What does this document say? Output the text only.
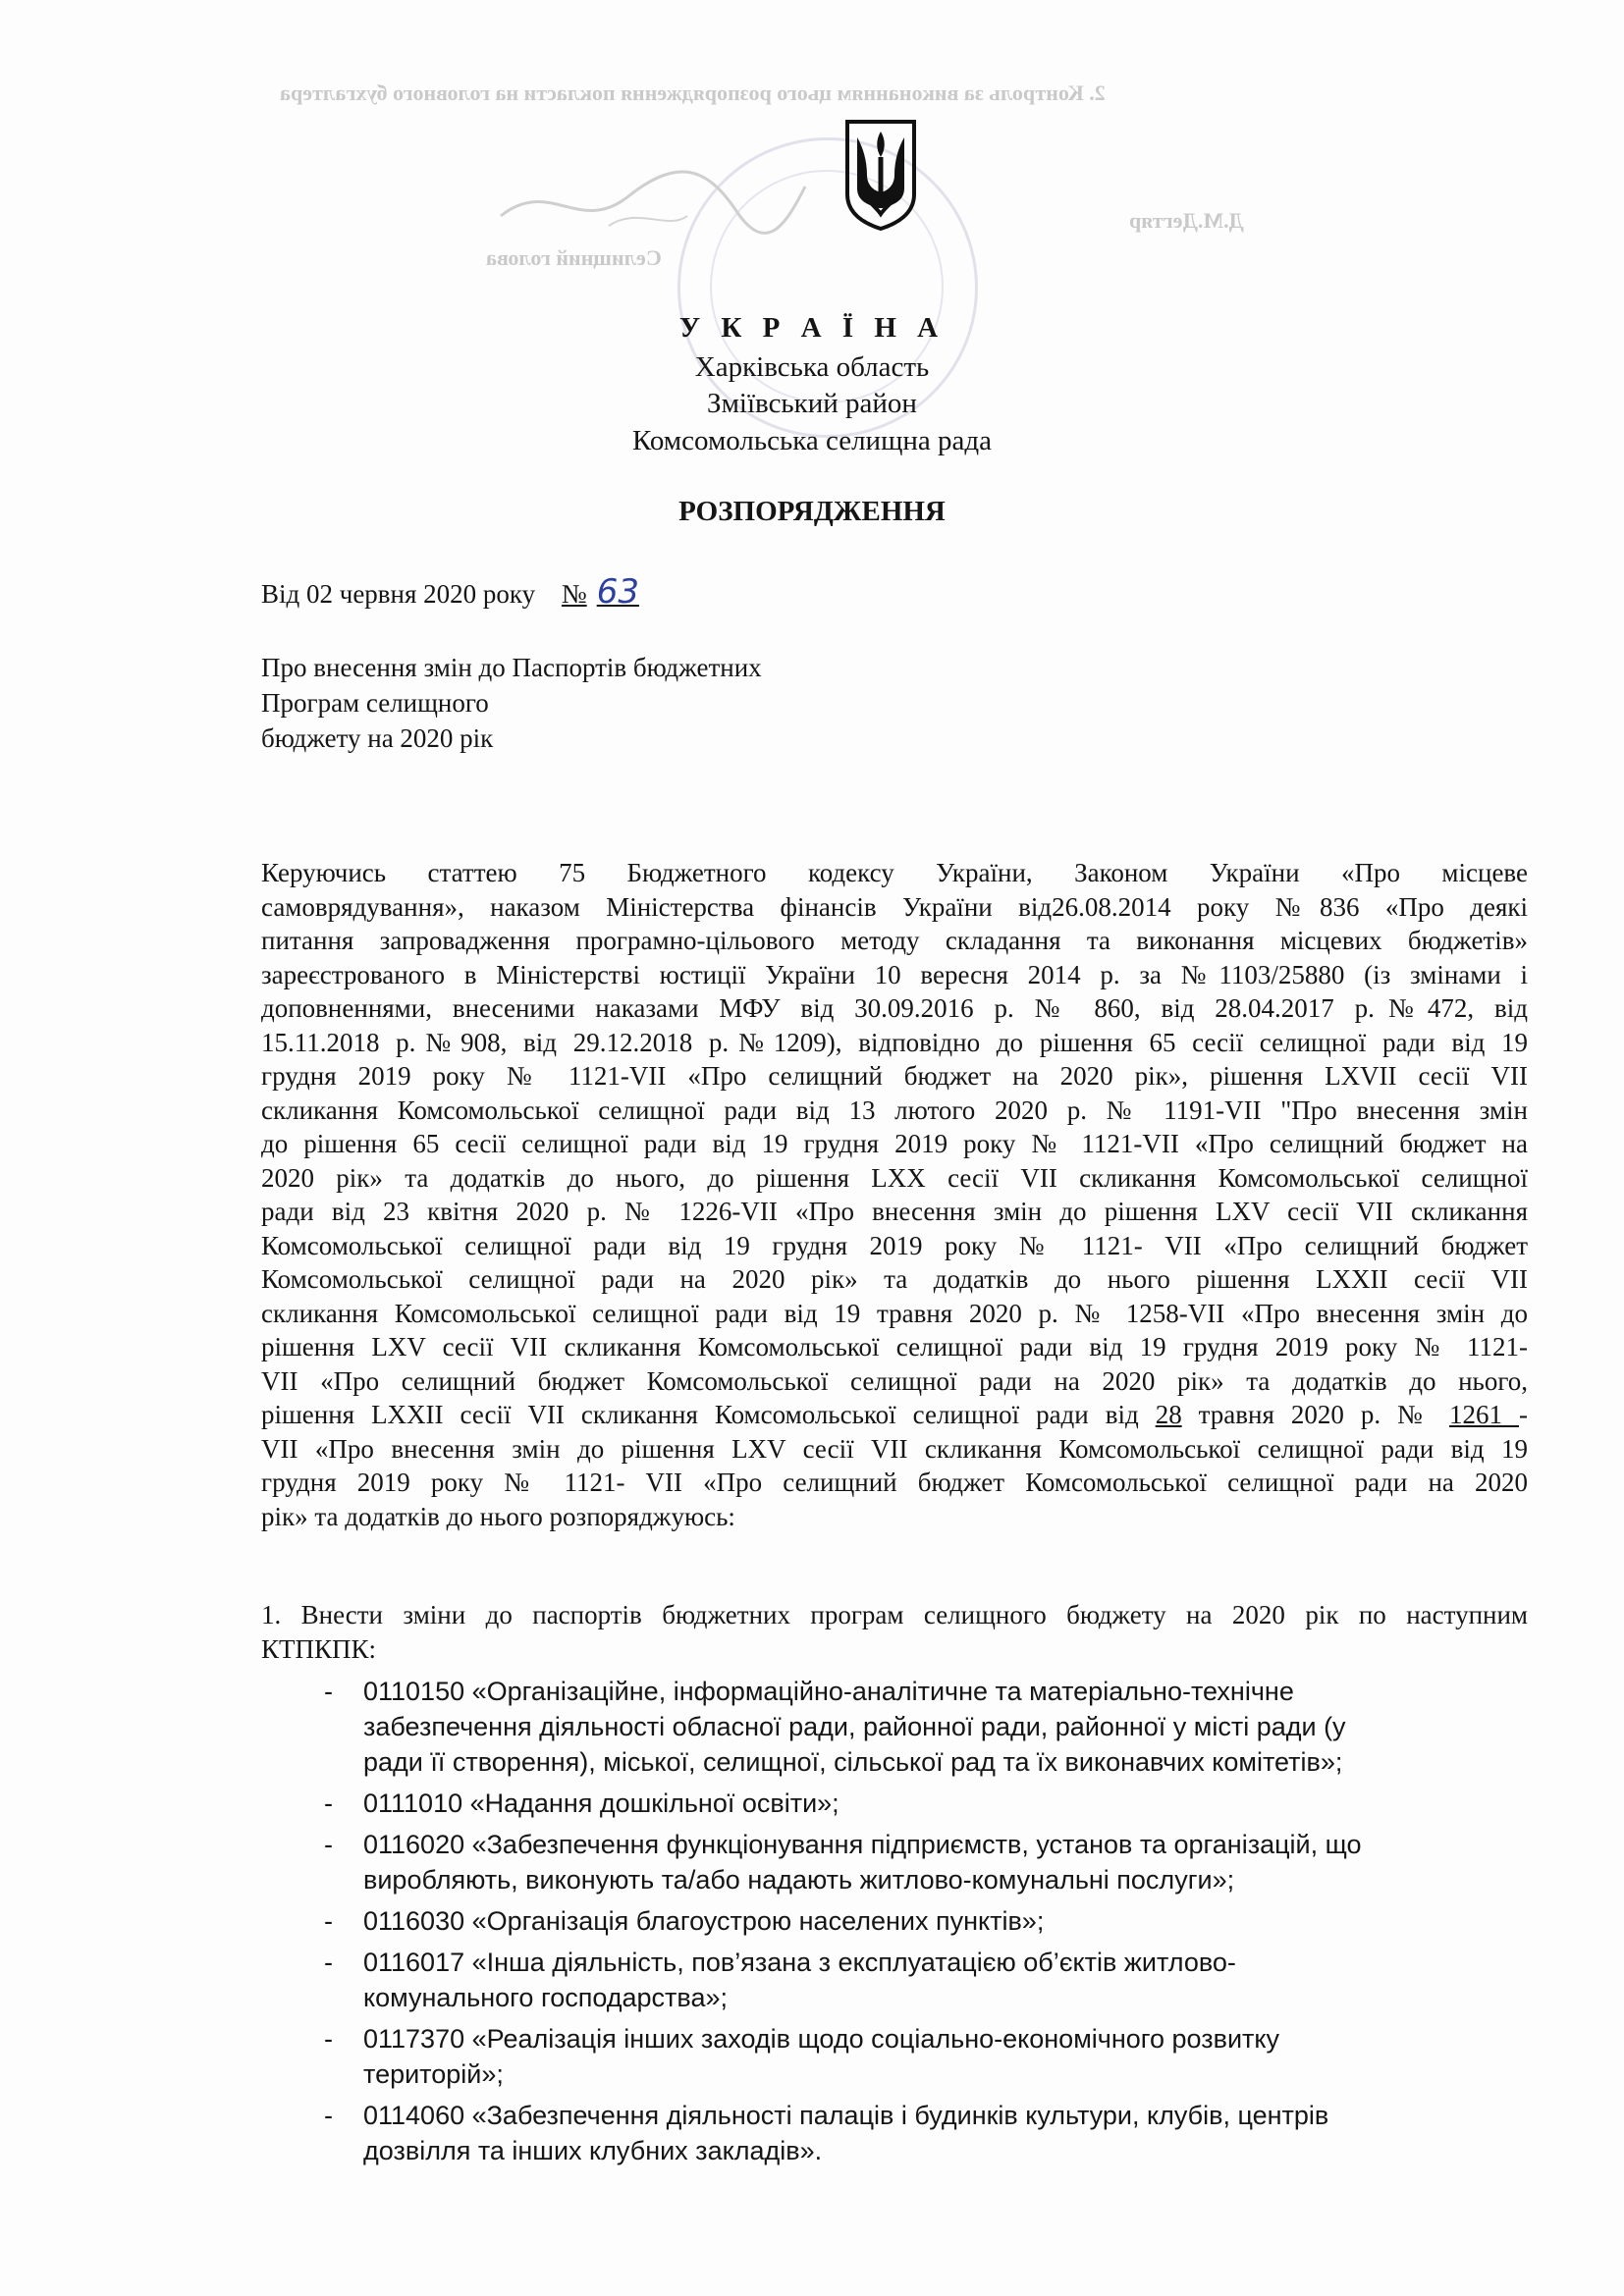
2. Контроль за виконанням цього розпорядження покласти на головного бухгалтера
Д.М.Дегтяр
Селищний голова
У К Р А Ї Н А
Харківська область
Зміївський район
Комсомольська селищна рада
РОЗПОРЯДЖЕННЯ
Від 02 червня 2020 року № 63
Про внесення змін до Паспортів бюджетних
Програм селищного
бюджету на 2020 рік
Керуючись статтею 75 Бюджетного кодексу України, Законом України «Про місцеве
самоврядування», наказом Міністерства фінансів України від26.08.2014 року №836 «Про деякі
питання запровадження програмно-цільового методу складання та виконання місцевих бюджетів»
зареєстрованого в Міністерстві юстиції України 10 вересня 2014 р. за №1103/25880 (із змінами і
доповненнями, внесеними наказами МФУ від 30.09.2016 р. № 860, від 28.04.2017 р.№472, від
15.11.2018 р.№908, від 29.12.2018 р.№1209), відповідно до рішення 65 сесії селищної ради від 19
грудня 2019 року № 1121-VII «Про селищний бюджет на 2020 рік», рішення LXVII сесії VII
скликання Комсомольської селищної ради від 13 лютого 2020 р. № 1191-VII "Про внесення змін
до рішення 65 сесії селищної ради від 19 грудня 2019 року № 1121-VII «Про селищний бюджет на
2020 рік» та додатків до нього, до рішення LXX сесії VII скликання Комсомольської селищної
ради від 23 квітня 2020 р. № 1226-VII «Про внесення змін до рішення LXV сесії VII скликання
Комсомольської селищної ради від 19 грудня 2019 року № 1121- VII «Про селищний бюджет
Комсомольської селищної ради на 2020 рік» та додатків до нього рішення LXXII сесії VII
скликання Комсомольської селищної ради від 19 травня 2020 р. № 1258-VII «Про внесення змін до
рішення LXV сесії VII скликання Комсомольської селищної ради від 19 грудня 2019 року № 1121-
VII «Про селищний бюджет Комсомольської селищної ради на 2020 рік» та додатків до нього,
рішення LXXII сесії VII скликання Комсомольської селищної ради від 28 травня 2020 р. № 1261 -
VII «Про внесення змін до рішення LXV сесії VII скликання Комсомольської селищної ради від 19
грудня 2019 року № 1121- VII «Про селищний бюджет Комсомольської селищної ради на 2020
рік» та додатків до нього розпоряджуюсь:
1. Внести зміни до паспортів бюджетних програм селищного бюджету на 2020 рік по наступним
КТПКПК:
- 0110150 «Організаційне, інформаційно-аналітичне та матеріально-технічне
забезпечення діяльності обласної ради, районної ради, районної у місті ради (у
ради її створення), міської, селищної, сільської рад та їх виконавчих комітетів»;
- 0111010 «Надання дошкільної освіти»;
- 0116020 «Забезпечення функціонування підприємств, установ та організацій, що
виробляють, виконують та/або надають житлово-комунальні послуги»;
- 0116030 «Організація благоустрою населених пунктів»;
- 0116017 «Інша діяльність, пов’язана з експлуатацією об’єктів житлово-
комунального господарства»;
- 0117370 «Реалізація інших заходів щодо соціально-економічного розвитку
територій»;
- 0114060 «Забезпечення діяльності палаців і будинків культури, клубів, центрів
дозвілля та інших клубних закладів».
